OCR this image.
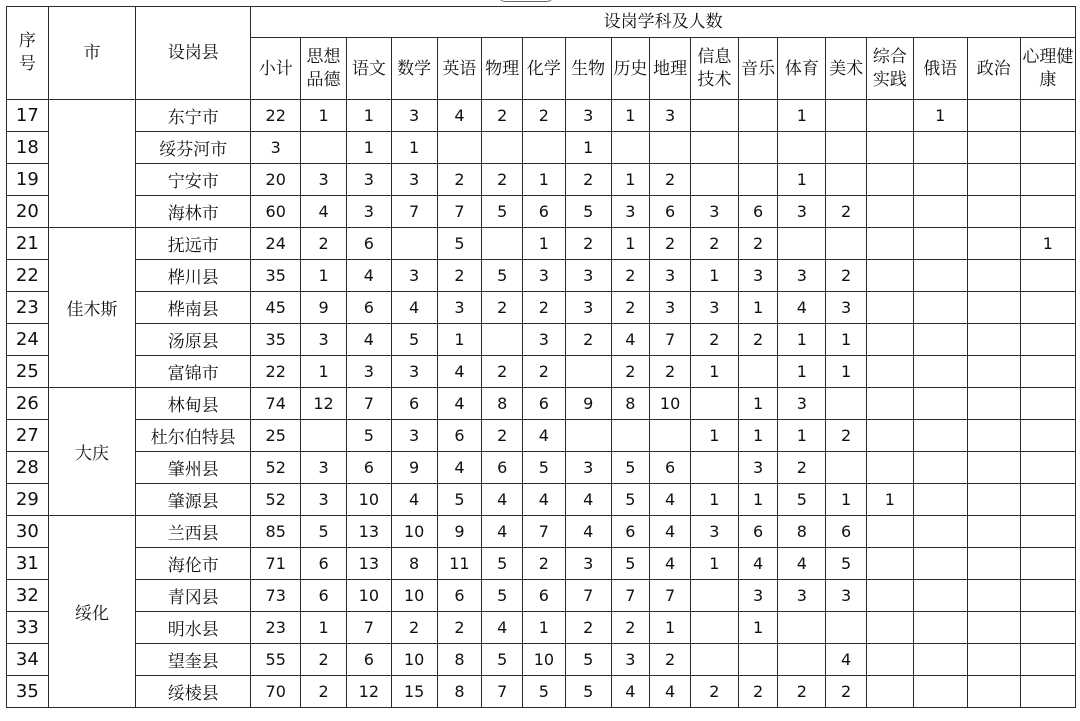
序号	市	设岗县	设岗学科及人数																	
			小计	思想品德	语文	数学	英语	物理	化学	生物	历史	地理	信息技术	音乐	体育	美术	综合实践	俄语	政治	心理健康
17		东宁市	22	1	1	3	4	2	2	3	1	3			1			1		
18		绥芬河市	3		1	1				1										
19		宁安市	20	3	3	3	2	2	1	2	1	2			1					
20		海林市	60	4	3	7	7	5	6	5	3	6	3	6	3	2				
21	佳木斯	抚远市	24	2	6		5		1	2	1	2	2	2						1
22		桦川县	35	1	4	3	2	5	3	3	2	3	1	3	3	2				
23		桦南县	45	9	6	4	3	2	2	3	2	3	3	1	4	3				
24		汤原县	35	3	4	5	1		3	2	4	7	2	2	1	1				
25		富锦市	22	1	3	3	4	2	2		2	2	1		1	1				
26	大庆	林甸县	74	12	7	6	4	8	6	9	8	10		1	3					
27		杜尔伯特县	25		5	3	6	2	4				1	1	1	2				
28		肇州县	52	3	6	9	4	6	5	3	5	6		3	2					
29		肇源县	52	3	10	4	5	4	4	4	5	4	1	1	5	1	1			
30	绥化	兰西县	85	5	13	10	9	4	7	4	6	4	3	6	8	6				
31		海伦市	71	6	13	8	11	5	2	3	5	4	1	4	4	5				
32		青冈县	73	6	10	10	6	5	6	7	7	7		3	3	3				
33		明水县	23	1	7	2	2	4	1	2	2	1		1						
34		望奎县	55	2	6	10	8	5	10	5	3	2				4				
35		绥棱县	70	2	12	15	8	7	5	5	4	4	2	2	2	2				
